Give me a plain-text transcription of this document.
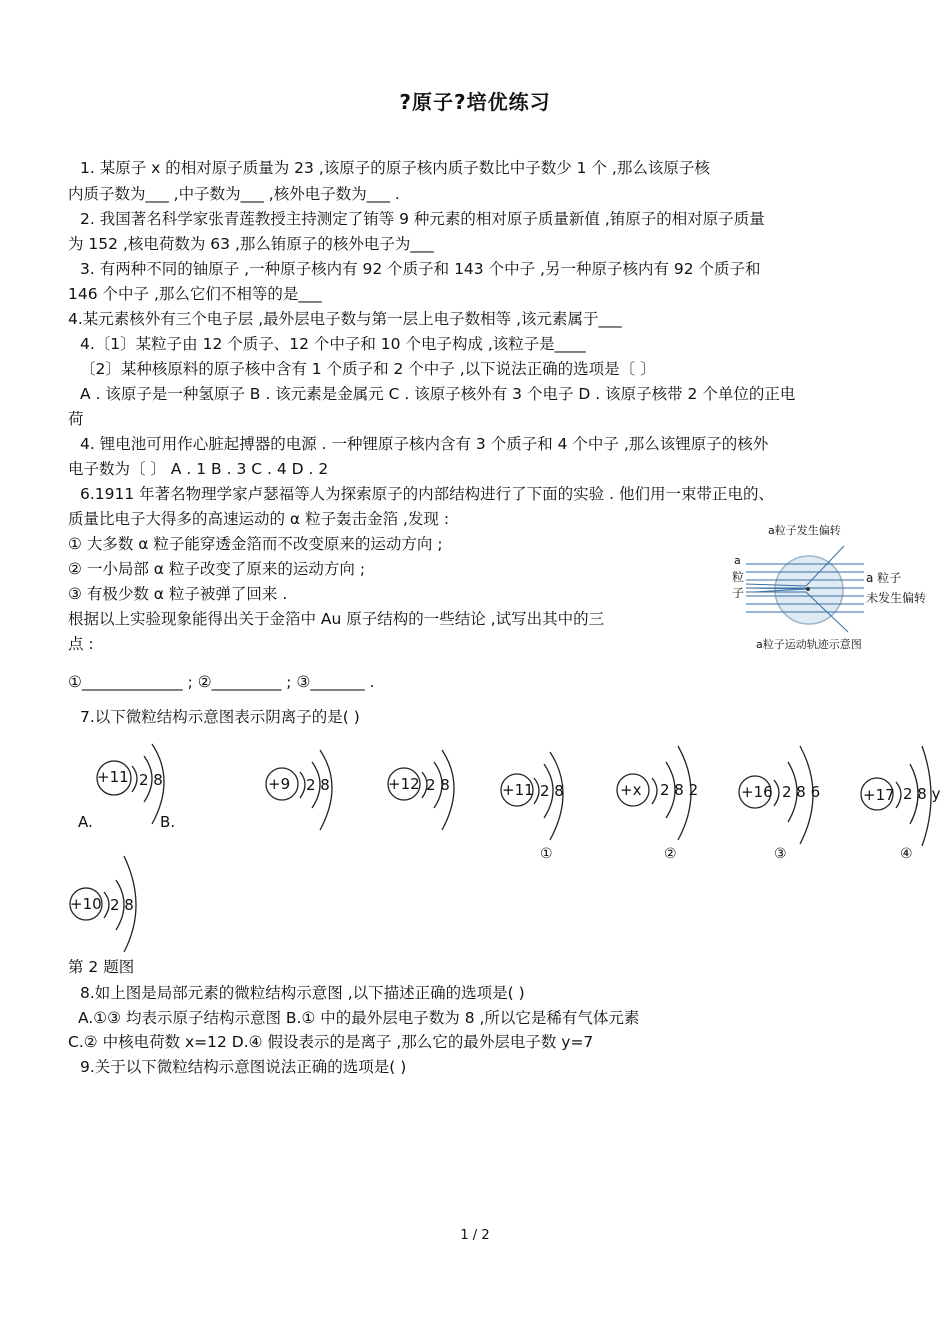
?原子?培优练习
1. 某原子 x 的相对原子质量为 23 ,该原子的原子核内质子数比中子数少 1 个 ,那么该原子核
内质子数为___ ,中子数为___ ,核外电子数为___ .
2. 我国著名科学家张青莲教授主持测定了铕等 9 种元素的相对原子质量新值 ,铕原子的相对原子质量
为 152 ,核电荷数为 63 ,那么铕原子的核外电子为___
3. 有两种不同的铀原子 ,一种原子核内有 92 个质子和 143 个中子 ,另一种原子核内有 92 个质子和
146 个中子 ,那么它们不相等的是___
4.某元素核外有三个电子层 ,最外层电子数与第一层上电子数相等 ,该元素属于___
4.〔1〕某粒子由 12 个质子、12 个中子和 10 个电子构成 ,该粒子是____
〔2〕某种核原料的原子核中含有 1 个质子和 2 个中子 ,以下说法正确的选项是〔 〕
A . 该原子是一种氢原子 B . 该元素是金属元 C . 该原子核外有 3 个电子 D . 该原子核带 2 个单位的正电
荷
4. 锂电池可用作心脏起搏器的电源 . 一种锂原子核内含有 3 个质子和 4 个中子 ,那么该锂原子的核外
电子数为〔 〕 A . 1 B . 3 C . 4 D . 2
6.1911 年著名物理学家卢瑟福等人为探索原子的内部结构进行了下面的实验 . 他们用一束带正电的、
质量比电子大得多的高速运动的 α 粒子轰击金箔 ,发现 :
① 大多数 α 粒子能穿透金箔而不改变原来的运动方向 ;
② 一小局部 α 粒子改变了原来的运动方向 ;
③ 有极少数 α 粒子被弹了回来 .
根据以上实验现象能得出关于金箔中 Au 原子结构的一些结论 ,试写出其中的三
点 :
①_____________ ; ②_________ ; ③_______ .
a粒子发生偏转
a
粒
子
a 粒子
未发生偏转
a粒子运动轨迹示意图
7.以下微粒结构示意图表示阴离子的是( )
+11 2 8
A.	B.
+9 2 8	+12 2 8	+11 2 8
①
+x 2 8 2
②
+16 2 8 6
③
+17 2 8 y
④
+10 2 8
第 2 题图
8.如上图是局部元素的微粒结构示意图 ,以下描述正确的选项是( )
A.①③ 均表示原子结构示意图 B.① 中的最外层电子数为 8 ,所以它是稀有气体元素
C.② 中核电荷数 x=12 D.④ 假设表示的是离子 ,那么它的最外层电子数 y=7
9.关于以下微粒结构示意图说法正确的选项是( )
1 / 2
